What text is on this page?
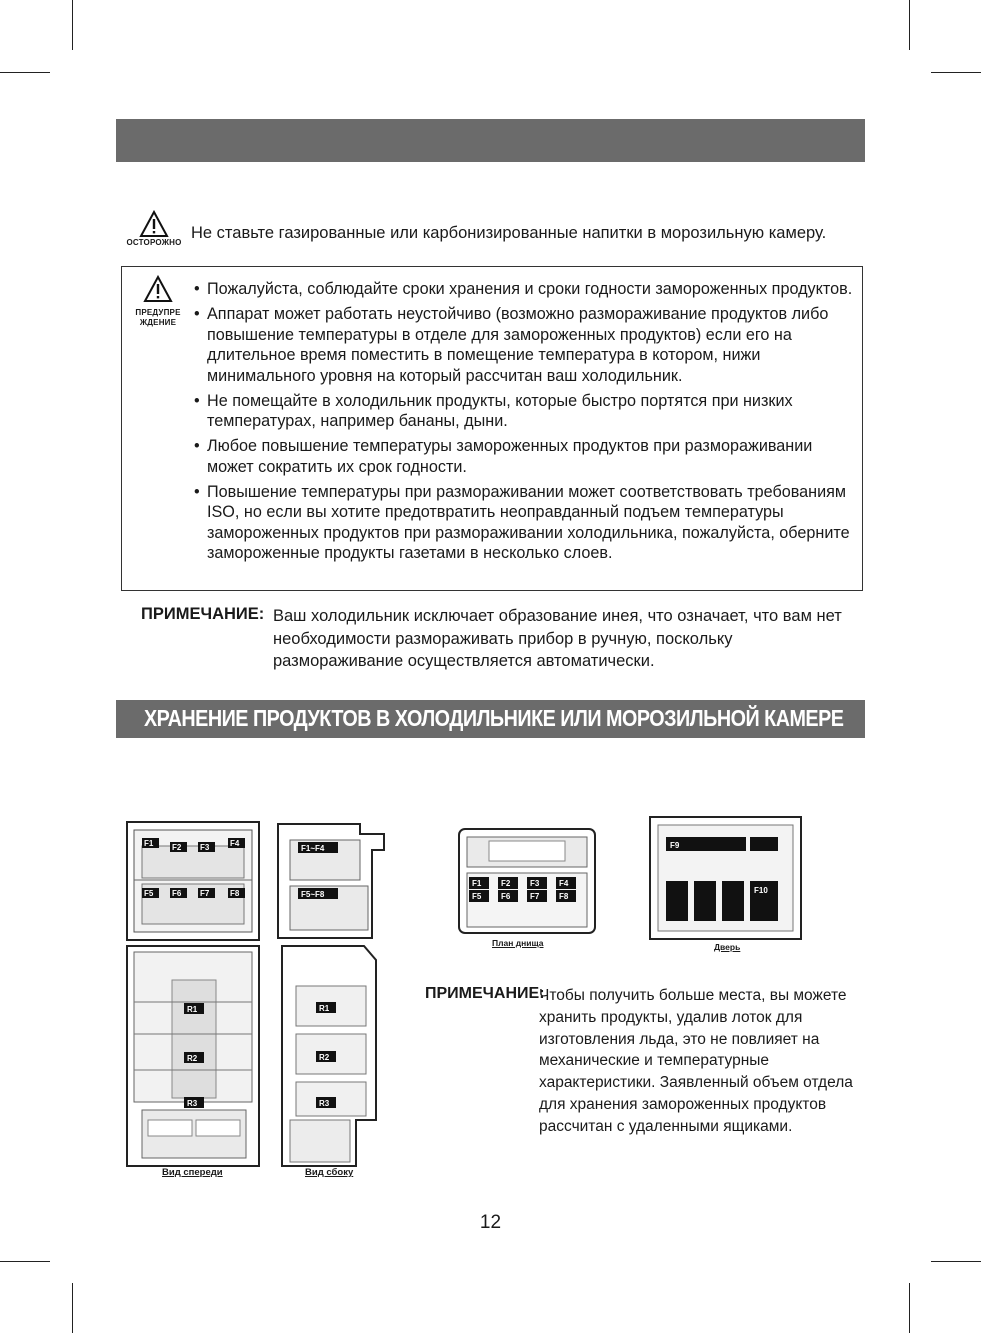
ОСТОРОЖНО
Не ставьте газированные или карбонизированные напитки в морозильную камеру.
ПРЕДУПРЕ
ЖДЕНИЕ
• Пожалуйста, соблюдайте сроки хранения и сроки годности замороженных продуктов.
• Аппарат может работать неустойчиво (возможно размораживание продуктов либо повышение температуры в отделе для замороженных продуктов) если его на длительное время поместить в помещение температура в котором, нижи минимального уровня на который рассчитан ваш холодильник.
• Не помещайте в холодильник продукты, которые быстро портятся при низких температурах, например бананы, дыни.
• Любое повышение температуры замороженных продуктов при размораживании может сократить их срок годности.
• Повышение температуры при размораживании может соответствовать требованиям ISO, но если вы хотите предотвратить неоправданный подъем температуры замороженных продуктов при размораживании холодильника, пожалуйста, оберните замороженные продукты газетами в несколько слоев.
ПРИМЕЧАНИЕ: Ваш холодильник исключает образование инея, что означает, что вам нет необходимости размораживать прибор в ручную, поскольку размораживание осуществляется автоматически.
ХРАНЕНИЕ ПРОДУКТОВ В ХОЛОДИЛЬНИКЕ ИЛИ МОРОЗИЛЬНОЙ КАМЕРЕ
F1 F2 F3	F4
F5 F6 F7	F8
R1
R2
R3
Вид спереди
F1~F4
F5~F8
R1
R2
R3
Вид сбоку
F1 F2 F3 F4
F5 F6 F7 F8
План днища
F9
F10
Дверь
ПРИМЕЧАНИЕ:
Чтобы получить больше места, вы можете хранить продукты, удалив лоток для изготовления льда, это не повлияет на механические и температурные характеристики. Заявленный объем отдела для хранения замороженных продуктов рассчитан с удаленными ящиками.
12
